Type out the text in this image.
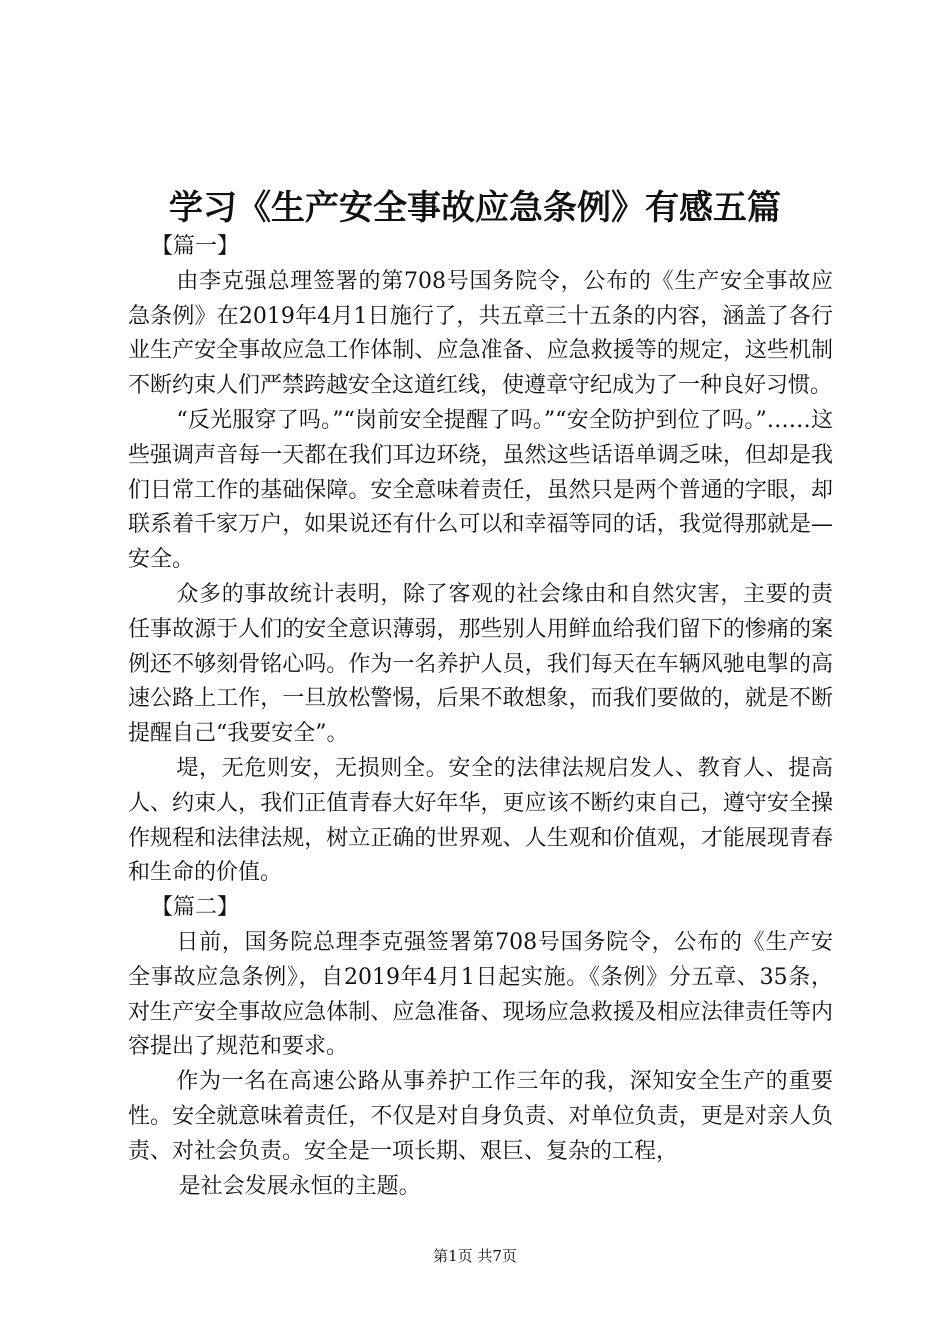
学习《生产安全事故应急条例》有感五篇

【篇一】

由李克强总理签署的第708号国务院令，公布的《生产安全事故应急条例》在2019年4月1日施行了，共五章三十五条的内容，涵盖了各行业生产安全事故应急工作体制、应急准备、应急救援等的规定，这些机制不断约束人们严禁跨越安全这道红线，使遵章守纪成为了一种良好习惯。

“反光服穿了吗。”“岗前安全提醒了吗。”“安全防护到位了吗。”……这些强调声音每一天都在我们耳边环绕，虽然这些话语单调乏味，但却是我们日常工作的基础保障。安全意味着责任，虽然只是两个普通的字眼，却联系着千家万户，如果说还有什么可以和幸福等同的话，我觉得那就是—安全。

众多的事故统计表明，除了客观的社会缘由和自然灾害，主要的责任事故源于人们的安全意识薄弱，那些别人用鲜血给我们留下的惨痛的案例还不够刻骨铭心吗。作为一名养护人员，我们每天在车辆风驰电掣的高速公路上工作，一旦放松警惕，后果不敢想象，而我们要做的，就是不断提醒自己“我要安全”。

堤，无危则安，无损则全。安全的法律法规启发人、教育人、提高人、约束人，我们正值青春大好年华，更应该不断约束自己，遵守安全操作规程和法律法规，树立正确的世界观、人生观和价值观，才能展现青春和生命的价值。

【篇二】

日前，国务院总理李克强签署第708号国务院令，公布的《生产安全事故应急条例》，自2019年4月1日起实施。《条例》分五章、35条，对生产安全事故应急体制、应急准备、现场应急救援及相应法律责任等内容提出了规范和要求。

作为一名在高速公路从事养护工作三年的我，深知安全生产的重要性。安全就意味着责任，不仅是对自身负责、对单位负责，更是对亲人负责、对社会负责。安全是一项长期、艰巨、复杂的工程，

是社会发展永恒的主题。

第1页 共7页
